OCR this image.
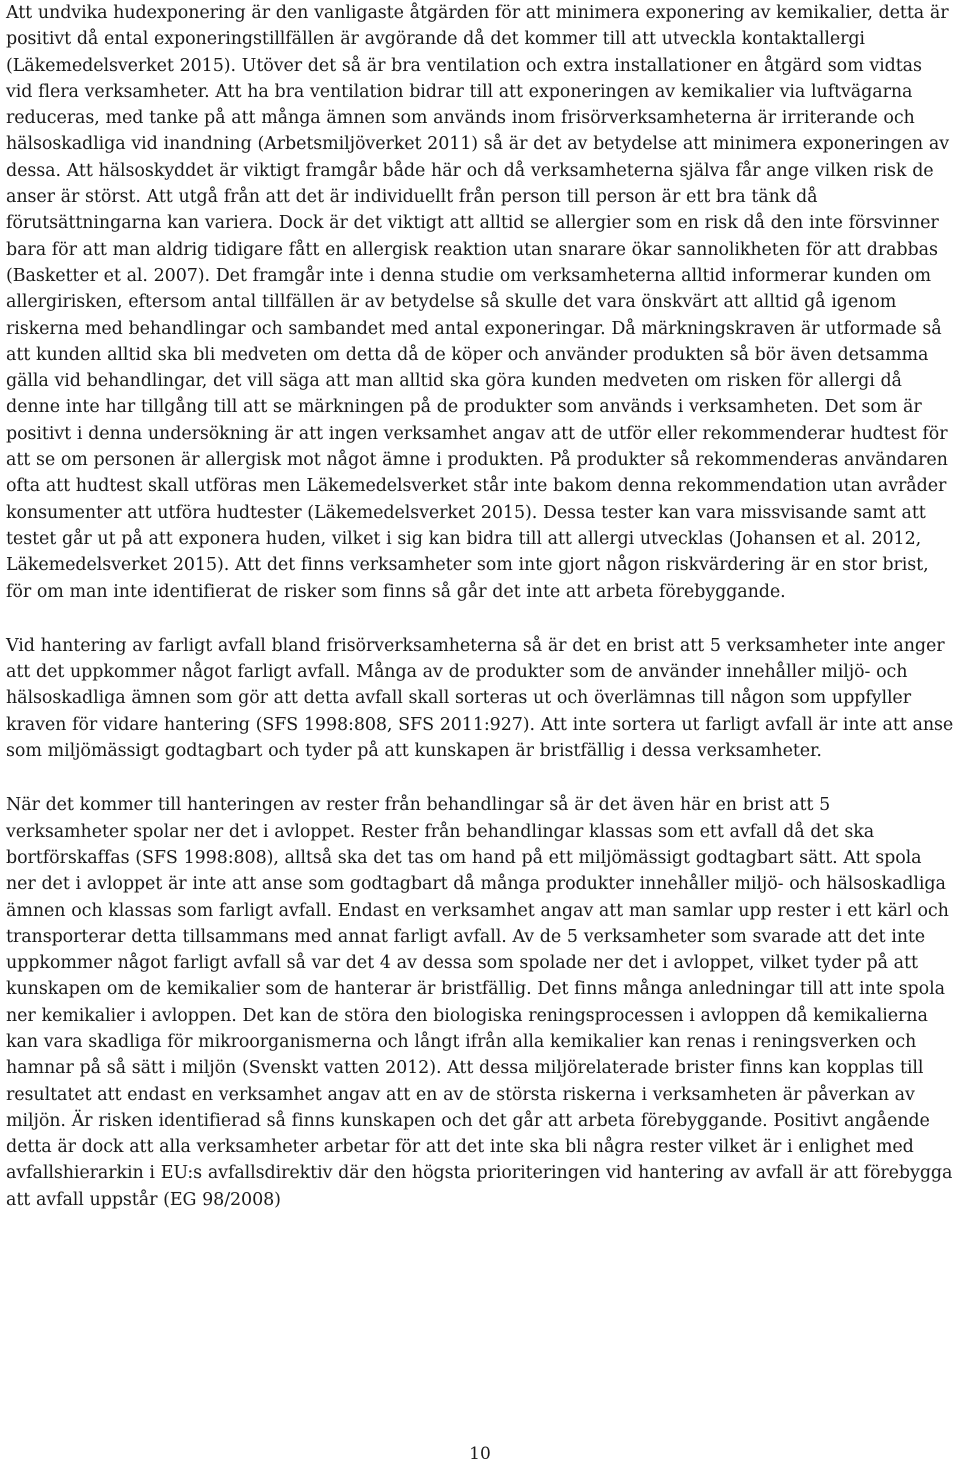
Att undvika hudexponering är den vanligaste åtgärden för att minimera exponering av kemikalier, detta är positivt då ental exponeringstillfällen är avgörande då det kommer till att utveckla kontaktallergi (Läkemedelsverket 2015). Utöver det så är bra ventilation och extra installationer en åtgärd som vidtas vid flera verksamheter. Att ha bra ventilation bidrar till att exponeringen av kemikalier via luftvägarna reduceras, med tanke på att många ämnen som används inom frisörverksamheterna är irriterande och hälsoskadliga vid inandning (Arbetsmiljöverket 2011) så är det av betydelse att minimera exponeringen av dessa. Att hälsoskyddet är viktigt framgår både här och då verksamheterna själva får ange vilken risk de anser är störst. Att utgå från att det är individuellt från person till person är ett bra tänk då förutsättningarna kan variera. Dock är det viktigt att alltid se allergier som en risk då den inte försvinner bara för att man aldrig tidigare fått en allergisk reaktion utan snarare ökar sannolikheten för att drabbas (Basketter et al. 2007). Det framgår inte i denna studie om verksamheterna alltid informerar kunden om allergirisken, eftersom antal tillfällen är av betydelse så skulle det vara önskvärt att alltid gå igenom riskerna med behandlingar och sambandet med antal exponeringar. Då märkningskraven är utformade så att kunden alltid ska bli medveten om detta då de köper och använder produkten så bör även detsamma gälla vid behandlingar, det vill säga att man alltid ska göra kunden medveten om risken för allergi då denne inte har tillgång till att se märkningen på de produkter som används i verksamheten. Det som är positivt i denna undersökning är att ingen verksamhet angav att de utför eller rekommenderar hudtest för att se om personen är allergisk mot något ämne i produkten. På produkter så rekommenderas användaren ofta att hudtest skall utföras men Läkemedelsverket står inte bakom denna rekommendation utan avråder konsumenter att utföra hudtester (Läkemedelsverket 2015). Dessa tester kan vara missvisande samt att testet går ut på att exponera huden, vilket i sig kan bidra till att allergi utvecklas (Johansen et al. 2012, Läkemedelsverket 2015). Att det finns verksamheter som inte gjort någon riskvärdering är en stor brist, för om man inte identifierat de risker som finns så går det inte att arbeta förebyggande.

Vid hantering av farligt avfall bland frisörverksamheterna så är det en brist att 5 verksamheter inte anger att det uppkommer något farligt avfall. Många av de produkter som de använder innehåller miljö- och hälsoskadliga ämnen som gör att detta avfall skall sorteras ut och överlämnas till någon som uppfyller kraven för vidare hantering (SFS 1998:808, SFS 2011:927). Att inte sortera ut farligt avfall är inte att anse som miljömässigt godtagbart och tyder på att kunskapen är bristfällig i dessa verksamheter.

När det kommer till hanteringen av rester från behandlingar så är det även här en brist att 5 verksamheter spolar ner det i avloppet. Rester från behandlingar klassas som ett avfall då det ska bortförskaffas (SFS 1998:808), alltså ska det tas om hand på ett miljömässigt godtagbart sätt. Att spola ner det i avloppet är inte att anse som godtagbart då många produkter innehåller miljö- och hälsoskadliga ämnen och klassas som farligt avfall. Endast en verksamhet angav att man samlar upp rester i ett kärl och transporterar detta tillsammans med annat farligt avfall. Av de 5 verksamheter som svarade att det inte uppkommer något farligt avfall så var det 4 av dessa som spolade ner det i avloppet, vilket tyder på att kunskapen om de kemikalier som de hanterar är bristfällig. Det finns många anledningar till att inte spola ner kemikalier i avloppen. Det kan de störa den biologiska reningsprocessen i avloppen då kemikalierna kan vara skadliga för mikroorganismerna och långt ifrån alla kemikalier kan renas i reningsverken och hamnar på så sätt i miljön (Svenskt vatten 2012). Att dessa miljörelaterade brister finns kan kopplas till resultatet att endast en verksamhet angav att en av de största riskerna i verksamheten är påverkan av miljön. Är risken identifierad så finns kunskapen och det går att arbeta förebyggande. Positivt angående detta är dock att alla verksamheter arbetar för att det inte ska bli några rester vilket är i enlighet med avfallshierarkin i EU:s avfallsdirektiv där den högsta prioriteringen vid hantering av avfall är att förebygga att avfall uppstår (EG 98/2008)

10
